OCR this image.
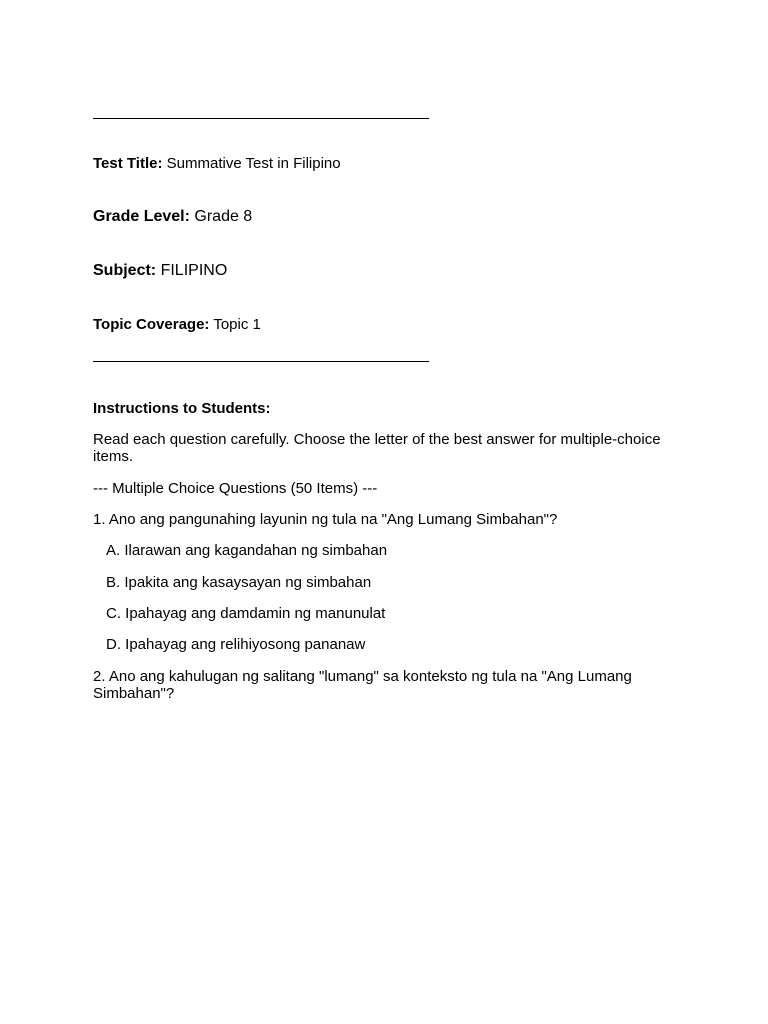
Test Title: Summative Test in Filipino

Grade Level: Grade 8

Subject: FILIPINO

Topic Coverage: Topic 1

Instructions to Students:

Read each question carefully. Choose the letter of the best answer for multiple-choice items.

--- Multiple Choice Questions (50 Items) ---

1. Ano ang pangunahing layunin ng tula na "Ang Lumang Simbahan"?

A. Ilarawan ang kagandahan ng simbahan

B. Ipakita ang kasaysayan ng simbahan

C. Ipahayag ang damdamin ng manunulat

D. Ipahayag ang relihiyosong pananaw

2. Ano ang kahulugan ng salitang "lumang" sa konteksto ng tula na "Ang Lumang Simbahan"?
